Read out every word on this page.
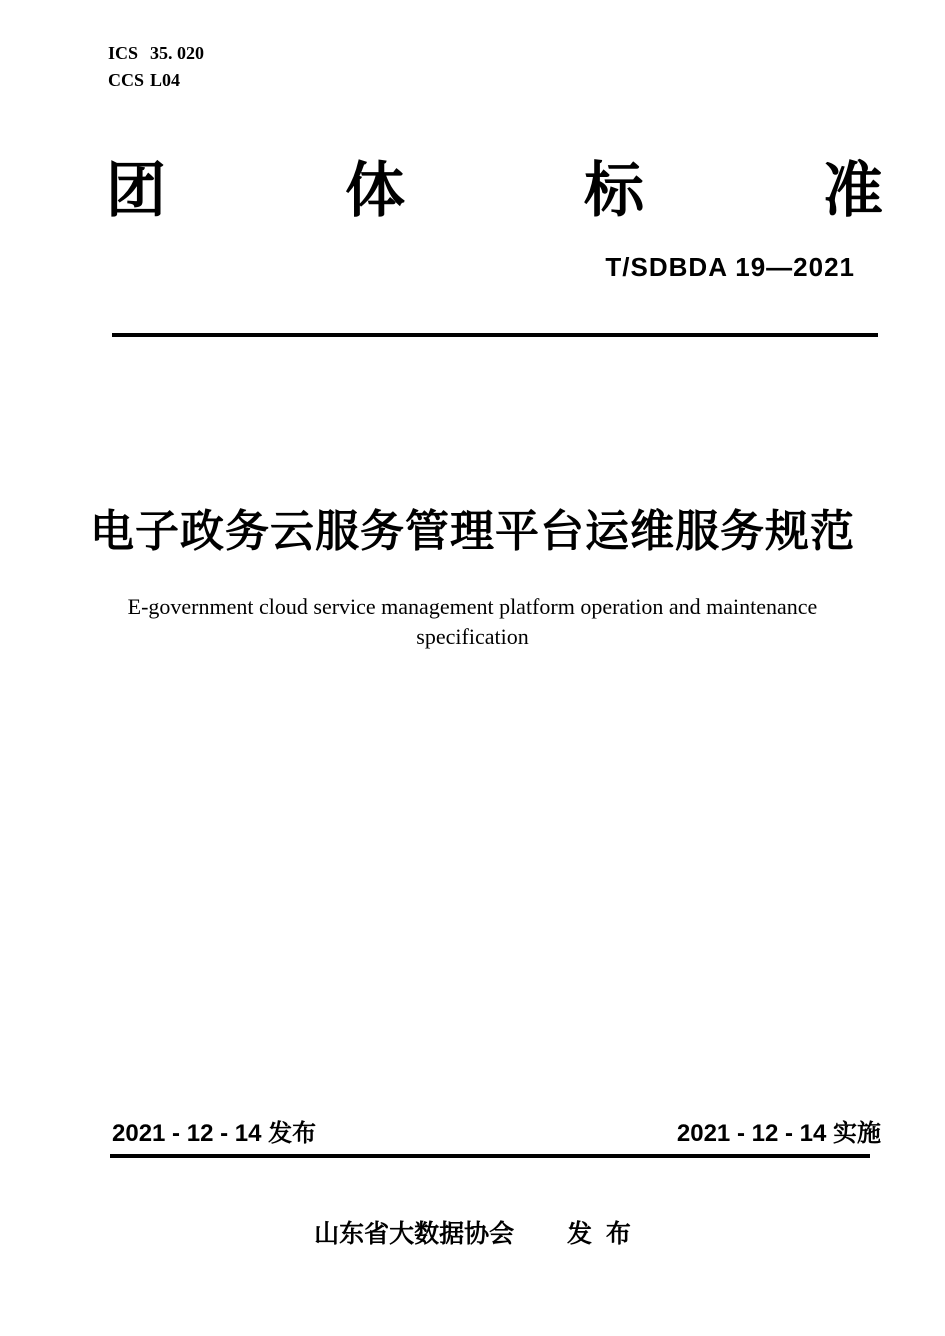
ICS 35. 020
CCS L04
团	体	标	准
T/SDBDA 19—2021
电子政务云服务管理平台运维服务规范
E-government cloud service management platform operation and maintenance
specification
2021 - 12 - 14 发布	2021 - 12 - 14 实施
山东省大数据协会 发  布
